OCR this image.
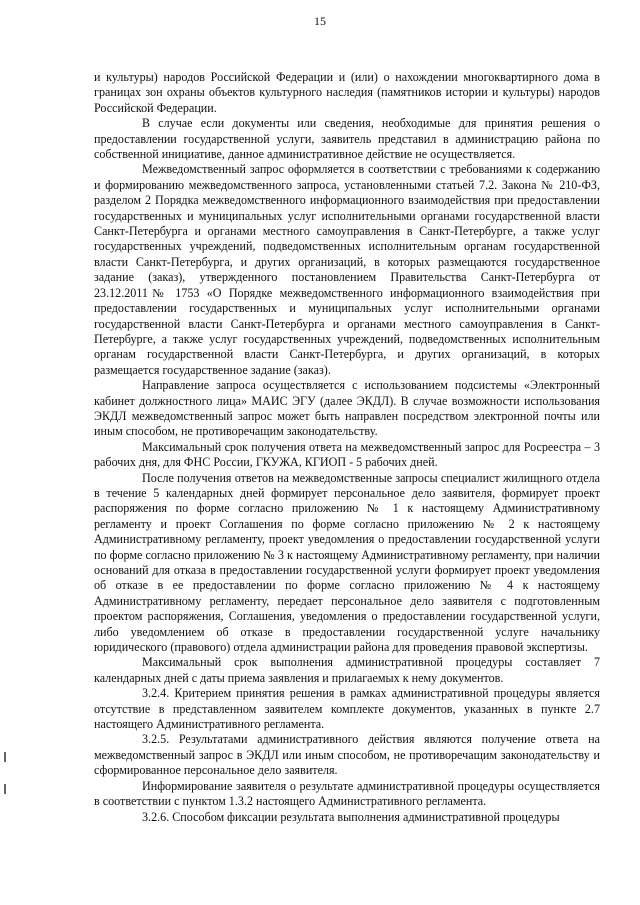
15

и культуры) народов Российской Федерации и (или) о нахождении многоквартирного дома в границах зон охраны объектов культурного наследия (памятников истории и культуры) народов Российской Федерации.

В случае если документы или сведения, необходимые для принятия решения о предоставлении государственной услуги, заявитель представил в администрацию района по собственной инициативе, данное административное действие не осуществляется.

Межведомственный запрос оформляется в соответствии с требованиями к содержанию и формированию межведомственного запроса, установленными статьей 7.2. Закона № 210-ФЗ, разделом 2 Порядка межведомственного информационного взаимодействия при предоставлении государственных и муниципальных услуг исполнительными органами государственной власти Санкт-Петербурга и органами местного самоуправления в Санкт-Петербурге, а также услуг государственных учреждений, подведомственных исполнительным органам государственной власти Санкт-Петербурга, и других организаций, в которых размещаются государственное задание (заказ), утвержденного постановлением Правительства Санкт-Петербурга от 23.12.2011№ 1753 «О Порядке межведомственного информационного взаимодействия при предоставлении государственных и муниципальных услуг исполнительными органами государственной власти Санкт-Петербурга и органами местного самоуправления в Санкт-Петербурге, а также услуг государственных учреждений, подведомственных исполнительным органам государственной власти Санкт-Петербурга, и других организаций, в которых размещается государственное задание (заказ).

Направление запроса осуществляется с использованием подсистемы «Электронный кабинет должностного лица» МАИС ЭГУ (далее ЭКДЛ). В случае возможности использования ЭКДЛ межведомственный запрос может быть направлен посредством электронной почты или иным способом, не противоречащим законодательству.

Максимальный срок получения ответа на межведомственный запрос для Росреестра – 3 рабочих дня, для ФНС России, ГКУЖА, КГИОП - 5 рабочих дней.

После получения ответов на межведомственные запросы специалист жилищного отдела в течение 5 календарных дней формирует персональное дело заявителя, формирует проект распоряжения по форме согласно приложению № 1 к настоящему Административному регламенту и проект Соглашения по форме согласно приложению № 2 к настоящему Административному регламенту, проект уведомления о предоставлении государственной услуги по форме согласно приложению № 3 к настоящему Административному регламенту, при наличии оснований для отказа в предоставлении государственной услуги формирует проект уведомления об отказе в ее предоставлении по форме согласно приложению № 4 к настоящему Административному регламенту, передает персональное дело заявителя с подготовленным проектом распоряжения, Соглашения, уведомления о предоставлении государственной услуги, либо уведомлением об отказе в предоставлении государственной услуге начальнику юридического (правового) отдела администрации района для проведения правовой экспертизы.

Максимальный срок выполнения административной процедуры составляет 7 календарных дней с даты приема заявления и прилагаемых к нему документов.

3.2.4. Критерием принятия решения в рамках административной процедуры является отсутствие в представленном заявителем комплекте документов, указанных в пункте 2.7 настоящего Административного регламента.

3.2.5. Результатами административного действия являются получение ответа на межведомственный запрос в ЭКДЛ или иным способом, не противоречащим законодательству и сформированное персональное дело заявителя.

Информирование заявителя о результате административной процедуры осуществляется в соответствии с пунктом 1.3.2 настоящего Административного регламента.

3.2.6. Способом фиксации результата выполнения административной процедуры
